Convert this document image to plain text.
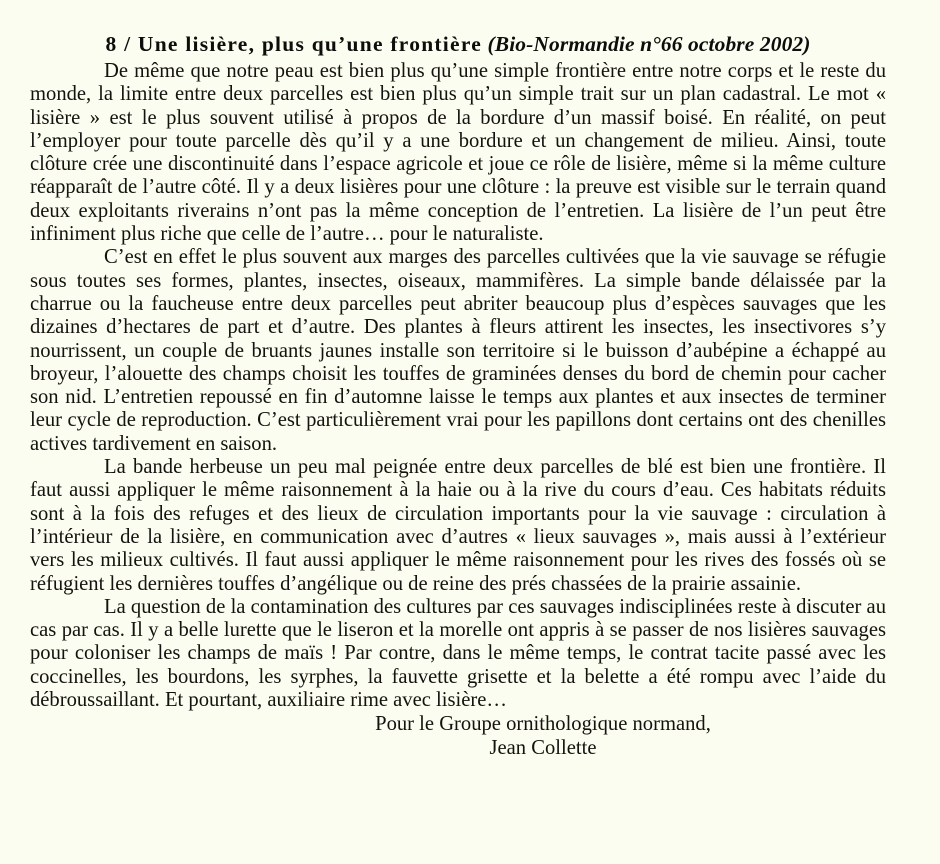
8 / Une lisière, plus qu’une frontière (Bio-Normandie n°66 octobre 2002)

De même que notre peau est bien plus qu’une simple frontière entre notre corps et le reste du monde, la limite entre deux parcelles est bien plus qu’un simple trait sur un plan cadastral. Le mot « lisière » est le plus souvent utilisé à propos de la bordure d’un massif boisé. En réalité, on peut l’employer pour toute parcelle dès qu’il y a une bordure et un changement de milieu. Ainsi, toute clôture crée une discontinuité dans l’espace agricole et joue ce rôle de lisière, même si la même culture réapparaît de l’autre côté. Il y a deux lisières pour une clôture : la preuve est visible sur le terrain quand deux exploitants riverains n’ont pas la même conception de l’entretien. La lisière de l’un peut être infiniment plus riche que celle de l’autre… pour le naturaliste.

C’est en effet le plus souvent aux marges des parcelles cultivées que la vie sauvage se réfugie sous toutes ses formes, plantes, insectes, oiseaux, mammifères. La simple bande délaissée par la charrue ou la faucheuse entre deux parcelles peut abriter beaucoup plus d’espèces sauvages que les dizaines d’hectares de part et d’autre. Des plantes à fleurs attirent les insectes, les insectivores s’y nourrissent, un couple de bruants jaunes installe son territoire si le buisson d’aubépine a échappé au broyeur, l’alouette des champs choisit les touffes de graminées denses du bord de chemin pour cacher son nid. L’entretien repoussé en fin d’automne laisse le temps aux plantes et aux insectes de terminer leur cycle de reproduction. C’est particulièrement vrai pour les papillons dont certains ont des chenilles actives tardivement en saison.

La bande herbeuse un peu mal peignée entre deux parcelles de blé est bien une frontière. Il faut aussi appliquer le même raisonnement à la haie ou à la rive du cours d’eau. Ces habitats réduits sont à la fois des refuges et des lieux de circulation importants pour la vie sauvage : circulation à l’intérieur de la lisière, en communication avec d’autres « lieux sauvages », mais aussi à l’extérieur vers les milieux cultivés. Il faut aussi appliquer le même raisonnement pour les rives des fossés où se réfugient les dernières touffes d’angélique ou de reine des prés chassées de la prairie assainie.

La question de la contamination des cultures par ces sauvages indisciplinées reste à discuter au cas par cas. Il y a belle lurette que le liseron et la morelle ont appris à se passer de nos lisières sauvages pour coloniser les champs de maïs ! Par contre, dans le même temps, le contrat tacite passé avec les coccinelles, les bourdons, les syrphes, la fauvette grisette et la belette a été rompu avec l’aide du débroussaillant. Et pourtant, auxiliaire rime avec lisière…

Pour le Groupe ornithologique normand,
Jean Collette
